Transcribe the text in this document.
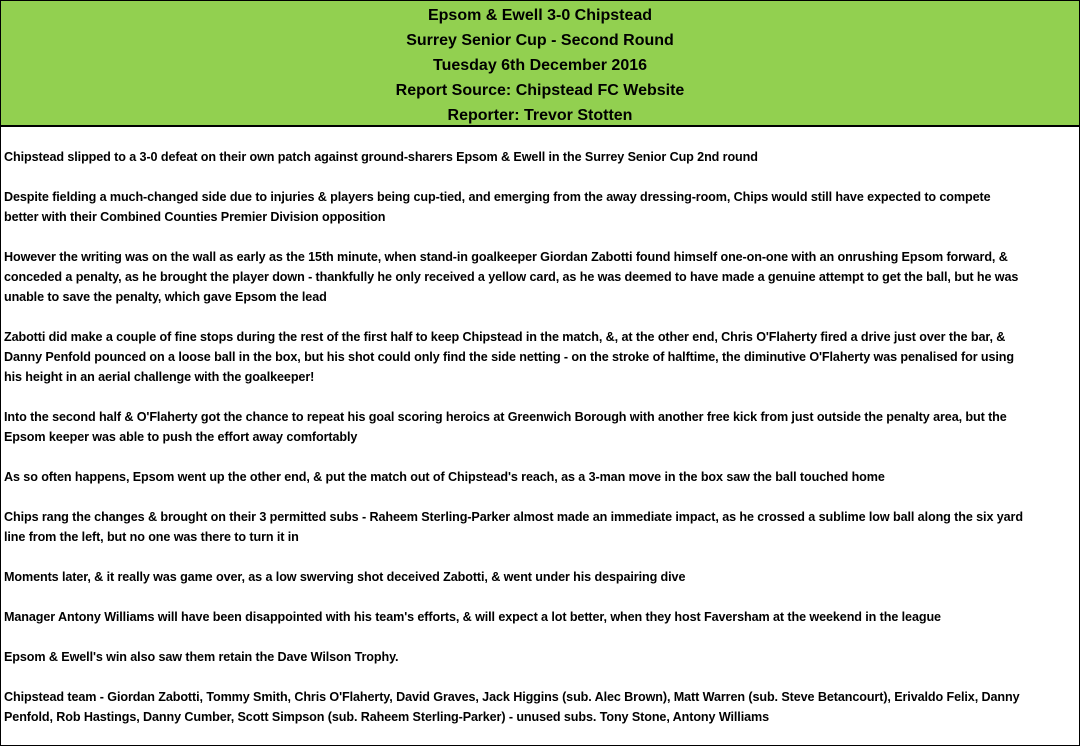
Epsom & Ewell 3-0 Chipstead
Surrey Senior Cup - Second Round
Tuesday 6th December 2016
Report Source: Chipstead FC Website
Reporter: Trevor Stotten
Chipstead slipped to a 3-0 defeat on their own patch against ground-sharers Epsom & Ewell in the Surrey Senior Cup 2nd round
Despite fielding a much-changed side due to injuries & players being cup-tied, and emerging from the away dressing-room, Chips would still have expected to compete
better with their Combined Counties Premier Division opposition
However the writing was on the wall as early as the 15th minute, when stand-in goalkeeper Giordan Zabotti found himself one-on-one with an onrushing Epsom forward, &
conceded a penalty, as he brought the player down - thankfully he only received a yellow card, as he was deemed to have made a genuine attempt to get the ball, but he was
unable to save the penalty, which gave Epsom the lead
Zabotti did make a couple of fine stops during the rest of the first half to keep Chipstead in the match, &, at the other end, Chris O'Flaherty fired a drive just over the bar, &
Danny Penfold pounced on a loose ball in the box, but his shot could only find the side netting - on the stroke of halftime, the diminutive O'Flaherty was penalised for using
his height in an aerial challenge with the goalkeeper!
Into the second half & O'Flaherty got the chance to repeat his goal scoring heroics at Greenwich Borough with another free kick from just outside the penalty area, but the
Epsom keeper was able to push the effort away comfortably
As so often happens, Epsom went up the other end, & put the match out of Chipstead's reach, as a 3-man move in the box saw the ball touched home
Chips rang the changes & brought on their 3 permitted subs - Raheem Sterling-Parker almost made an immediate impact, as he crossed a sublime low ball along the six yard
line from the left, but no one was there to turn it in
Moments later, & it really was game over, as a low swerving shot deceived Zabotti, & went under his despairing dive
Manager Antony Williams will have been disappointed with his team's efforts, & will expect a lot better, when they host Faversham at the weekend in the league
Epsom & Ewell's win also saw them retain the Dave Wilson Trophy.
Chipstead team - Giordan Zabotti, Tommy Smith, Chris O'Flaherty, David Graves, Jack Higgins (sub. Alec Brown), Matt Warren (sub. Steve Betancourt), Erivaldo Felix, Danny
Penfold, Rob Hastings, Danny Cumber, Scott Simpson (sub. Raheem Sterling-Parker) - unused subs. Tony Stone, Antony Williams
